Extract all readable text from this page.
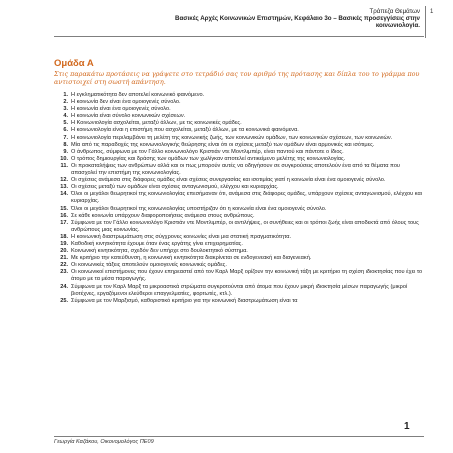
Τράπεζα Θεμάτων
Βασικές Αρχές Κοινωνικών Επιστημών, Κεφάλαιο 3ο – Βασικές προσεγγίσεις στην
κοινωνιολογία.
1
Ομάδα Α
Στις παρακάτω προτάσεις να γράψετε στο τετράδιό σας τον αριθμό της πρότασης και δίπλα του το γράμμα που αντιστοιχεί στη σωστή απάντηση.
1. Η εγκληματικότητα δεν αποτελεί κοινωνικό φαινόμενο.
2. Η κοινωνία δεν είναι ένα ομοιογενές σύνολο.
3. Η κοινωνία είναι ένα ομοιογενές σύνολο.
4. Η κοινωνία είναι σύνολο κοινωνικών σχέσεων.
5. Η Κοινωνιολογία ασχολείται, μεταξύ άλλων, με τις κοινωνικές ομάδες.
6. Η κοινωνιολογία είναι η επιστήμη που ασχολείται, μεταξύ άλλων, με τα κοινωνικά φαινόμενα.
7. Η κοινωνιολογία περιλαμβάνει τη μελέτη της κοινωνικής ζωής, των κοινωνικών ομάδων, των κοινωνικών σχέσεων, των κοινωνιών.
8. Μία από τις παραδοχές της κοινωνιολογικής θεώρησης είναι ότι οι σχέσεις μεταξύ των ομάδων είναι αρμονικές και ισότιμες.
9. Ο άνθρωπος, σύμφωνα με τον Γάλλο κοινωνιολόγο Κριστιάν ντε Μοντλιμπέρ, είναι παντού και πάντοτε ο ίδιος.
10. Ο τρόπος δημιουργίας και δράσης των ομάδων των χωλίγκαν αποτελεί αντικείμενο μελέτης της κοινωνιολογίας.
11. Οι προκαταλήψεις των ανθρώπων αλλά και οι πως μπορούν αυτές να οδηγήσουν σε συγκρούσεις αποτελούν ένα από τα θέματα που απασχολεί την επιστήμη της κοινωνιολογίας.
12. Οι σχέσεις ανάμεσα στις διάφορες ομάδες είναι σχέσεις συνεργασίας και ισοτιμίας γιατί η κοινωνία είναι ένα ομοιογενές σύνολο.
13. Οι σχέσεις μεταξύ των ομάδων είναι σχέσεις ανταγωνισμού, ελέγχου και κυριαρχίας.
14. Όλοι οι μεγάλοι θεωρητικοί της κοινωνιολογίας επεσήμαναν ότι, ανάμεσα στις διάφορες ομάδες, υπάρχουν σχέσεις ανταγωνισμού, ελέγχου και κυριαρχίας.
15. Όλοι οι μεγάλοι θεωρητικοί της κοινωνιολογίας υποστήριζαν ότι η κοινωνία είναι ένα ομοιογενές σύνολο.
16. Σε κάθε κοινωνία υπάρχουν διαφοροποιήσεις ανάμεσα στους ανθρώπους.
17. Σύμφωνα με τον Γάλλο κοινωνιολόγο Κριστιάν ντε Μοντλιμπέρ, οι αντιλήψεις, οι συνήθειες και οι τρόποι ζωής είναι αποδεκτά από όλους τους ανθρώπους μιας κοινωνίας.
18. Η κοινωνική διαστρωμάτωση στις σύγχρονες κοινωνίες είναι μια στατική πραγματικότητα.
19. Καθοδική κινητικότητα έχουμε όταν ένας εργάτης γίνει επιχειρηματίας.
20. Κοινωνική κινητικότητα, σχεδόν δεν υπήρχε στο δουλοκτητικό σύστημα.
21. Με κριτήριο την κατεύθυνση, η κοινωνική κινητικότητα διακρίνεται σε ενδογενεακή και διαγενεακή.
22. Οι κοινωνικές τάξεις αποτελούν ομοιογενείς κοινωνικές ομάδες.
23. Οι κοινωνικοί επιστήμονες που έχουν επηρεαστεί από τον Καρλ Μαρξ ορίζουν την κοινωνική τάξη με κριτήριο τη σχέση ιδιοκτησίας που έχει το άτομο με τα μέσα παραγωγής.
24. Σύμφωνα με τον Καρλ Μαρξ τα μικροαστικά στρώματα συγκροτούνται από άτομα που έχουν μικρή ιδιοκτησία μέσων παραγωγής (μικροί βιοτέχνες, εργαζόμενοι ελεύθεροι επαγγελματίες, φορτωτές, κτλ.).
25. Σύμφωνα με τον Μαρξισμό, καθοριστικό κριτήριο για την κοινωνική διαστρωμάτωση είναι τα
1
Γεωργία Καζάκου, Οικονομολόγος ΠΕ09
